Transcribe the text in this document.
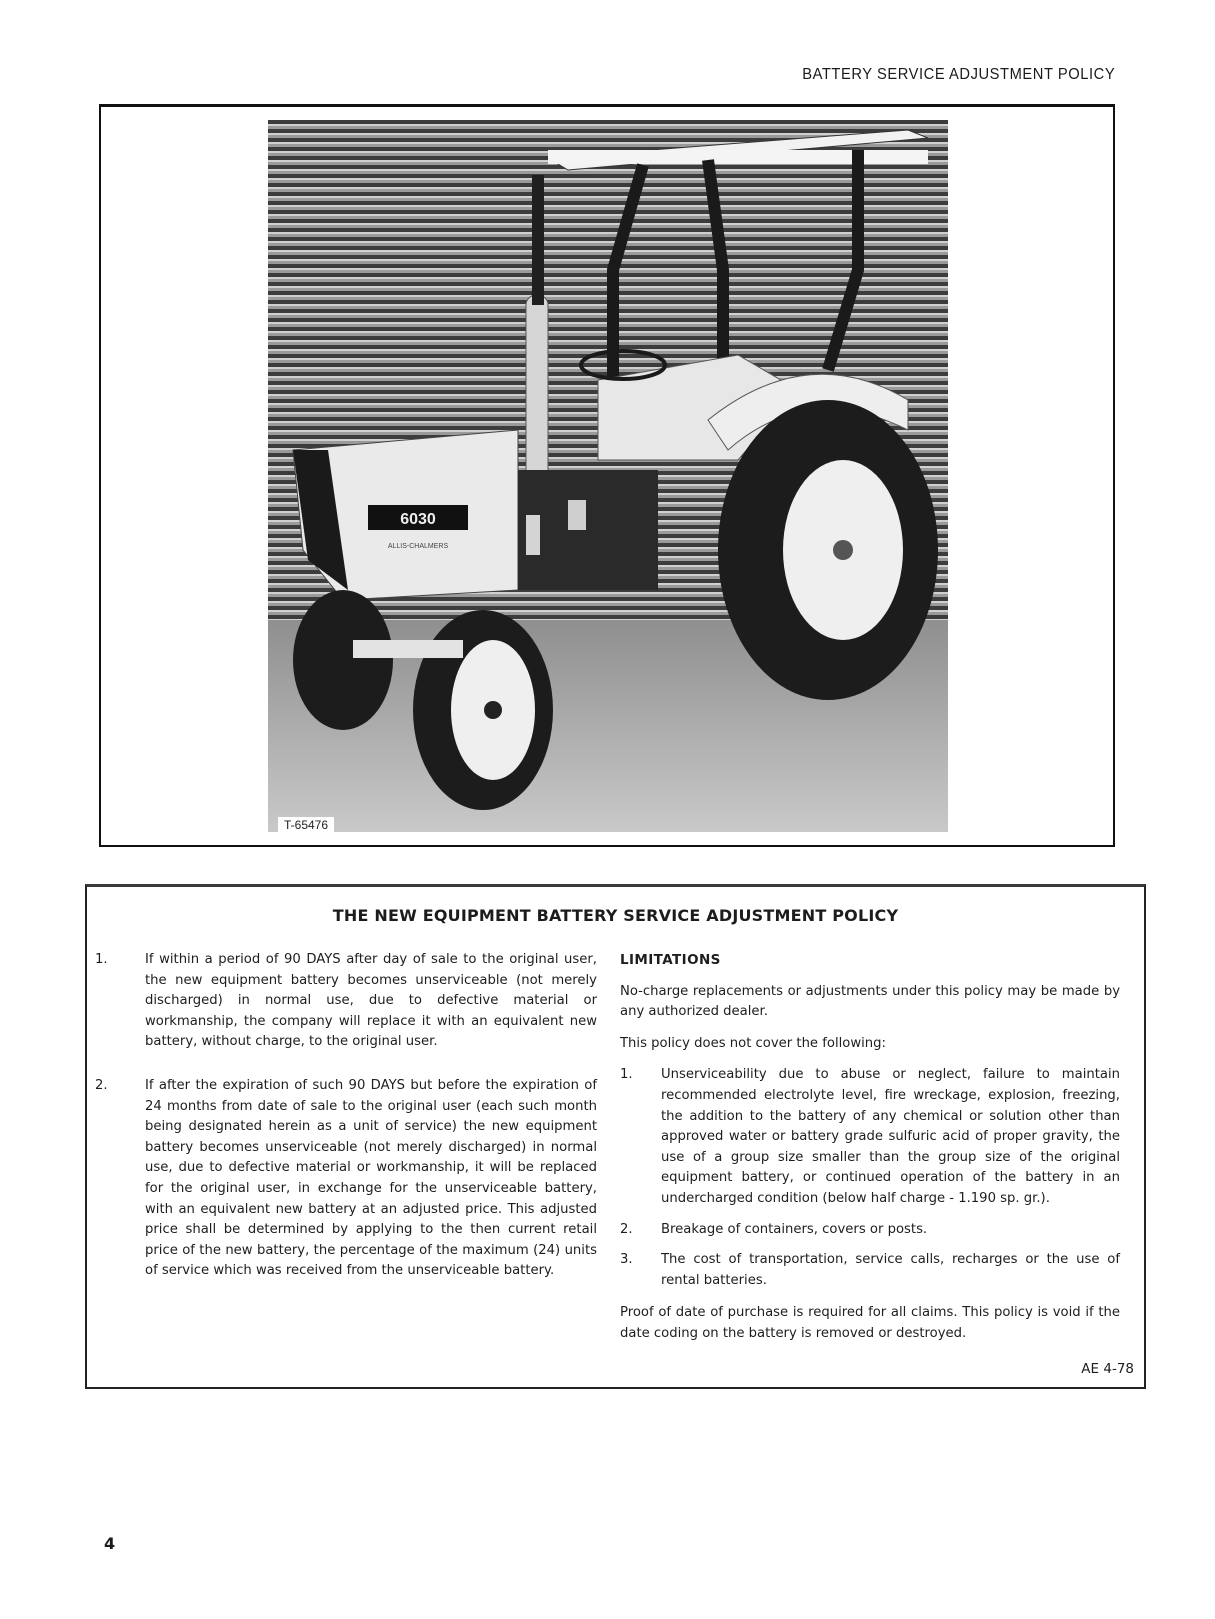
BATTERY SERVICE ADJUSTMENT POLICY
6030
ALLIS-CHALMERS
T-65476
THE NEW EQUIPMENT BATTERY SERVICE ADJUSTMENT POLICY
1.	If within a period of 90 DAYS after day of sale to the original user, the new equipment battery becomes unserviceable (not merely discharged) in normal use, due to defective material or workmanship, the company will replace it with an equivalent new battery, without charge, to the original user.
2.	If after the expiration of such 90 DAYS but before the expiration of 24 months from date of sale to the original user (each such month being designated herein as a unit of service) the new equipment battery becomes unserviceable (not merely discharged) in normal use, due to defective material or workmanship, it will be replaced for the original user, in exchange for the unserviceable battery, with an equivalent new battery at an adjusted price. This adjusted price shall be determined by applying to the then current retail price of the new battery, the percentage of the maximum (24) units of service which was received from the unserviceable battery.
LIMITATIONS
No-charge replacements or adjustments under this policy may be made by any authorized dealer.
This policy does not cover the following:
1. Unserviceability due to abuse or neglect, failure to maintain recommended electrolyte level, fire wreckage, explosion, freezing, the addition to the battery of any chemical or solution other than approved water or battery grade sulfuric acid of proper gravity, the use of a group size smaller than the group size of the original equipment battery, or continued operation of the battery in an undercharged condition (below half charge - 1.190 sp. gr.).
2. Breakage of containers, covers or posts.
3. The cost of transportation, service calls, recharges or the use of rental batteries.
Proof of date of purchase is required for all claims. This policy is void if the date coding on the battery is removed or destroyed.
AE 4-78
4
